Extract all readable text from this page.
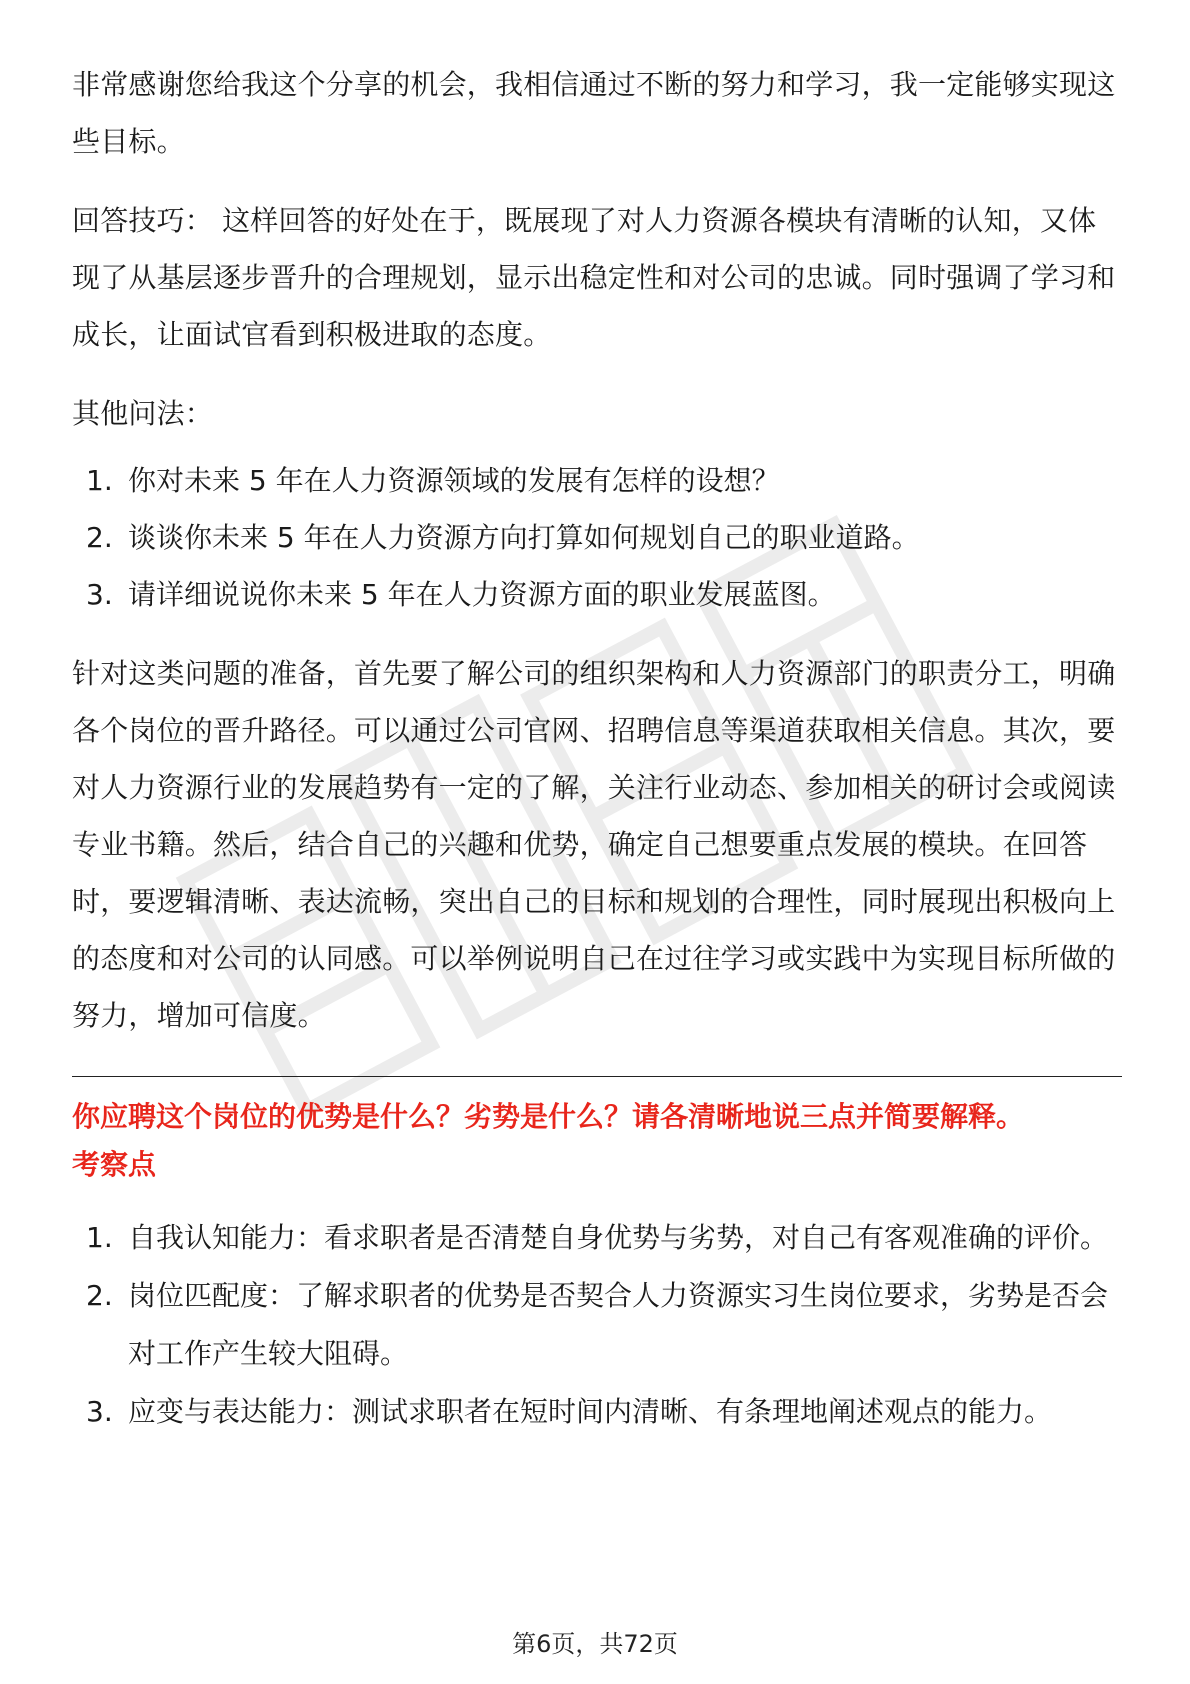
非常感谢您给我这个分享的机会，我相信通过不断的努力和学习，我一定能够实现这些目标。

回答技巧： 这样回答的好处在于，既展现了对人力资源各模块有清晰的认知，又体现了从基层逐步晋升的合理规划，显示出稳定性和对公司的忠诚。同时强调了学习和成长，让面试官看到积极进取的态度。

其他问法：

1. 你对未来 5 年在人力资源领域的发展有怎样的设想？
2. 谈谈你未来 5 年在人力资源方向打算如何规划自己的职业道路。
3. 请详细说说你未来 5 年在人力资源方面的职业发展蓝图。

针对这类问题的准备，首先要了解公司的组织架构和人力资源部门的职责分工，明确各个岗位的晋升路径。可以通过公司官网、招聘信息等渠道获取相关信息。其次，要对人力资源行业的发展趋势有一定的了解，关注行业动态、参加相关的研讨会或阅读专业书籍。然后，结合自己的兴趣和优势，确定自己想要重点发展的模块。在回答时，要逻辑清晰、表达流畅，突出自己的目标和规划的合理性，同时展现出积极向上的态度和对公司的认同感。可以举例说明自己在过往学习或实践中为实现目标所做的努力，增加可信度。

你应聘这个岗位的优势是什么？劣势是什么？请各清晰地说三点并简要解释。

考察点

1. 自我认知能力：看求职者是否清楚自身优势与劣势，对自己有客观准确的评价。
2. 岗位匹配度：了解求职者的优势是否契合人力资源实习生岗位要求，劣势是否会对工作产生较大阻碍。
3. 应变与表达能力：测试求职者在短时间内清晰、有条理地阐述观点的能力。
第6页，共72页
